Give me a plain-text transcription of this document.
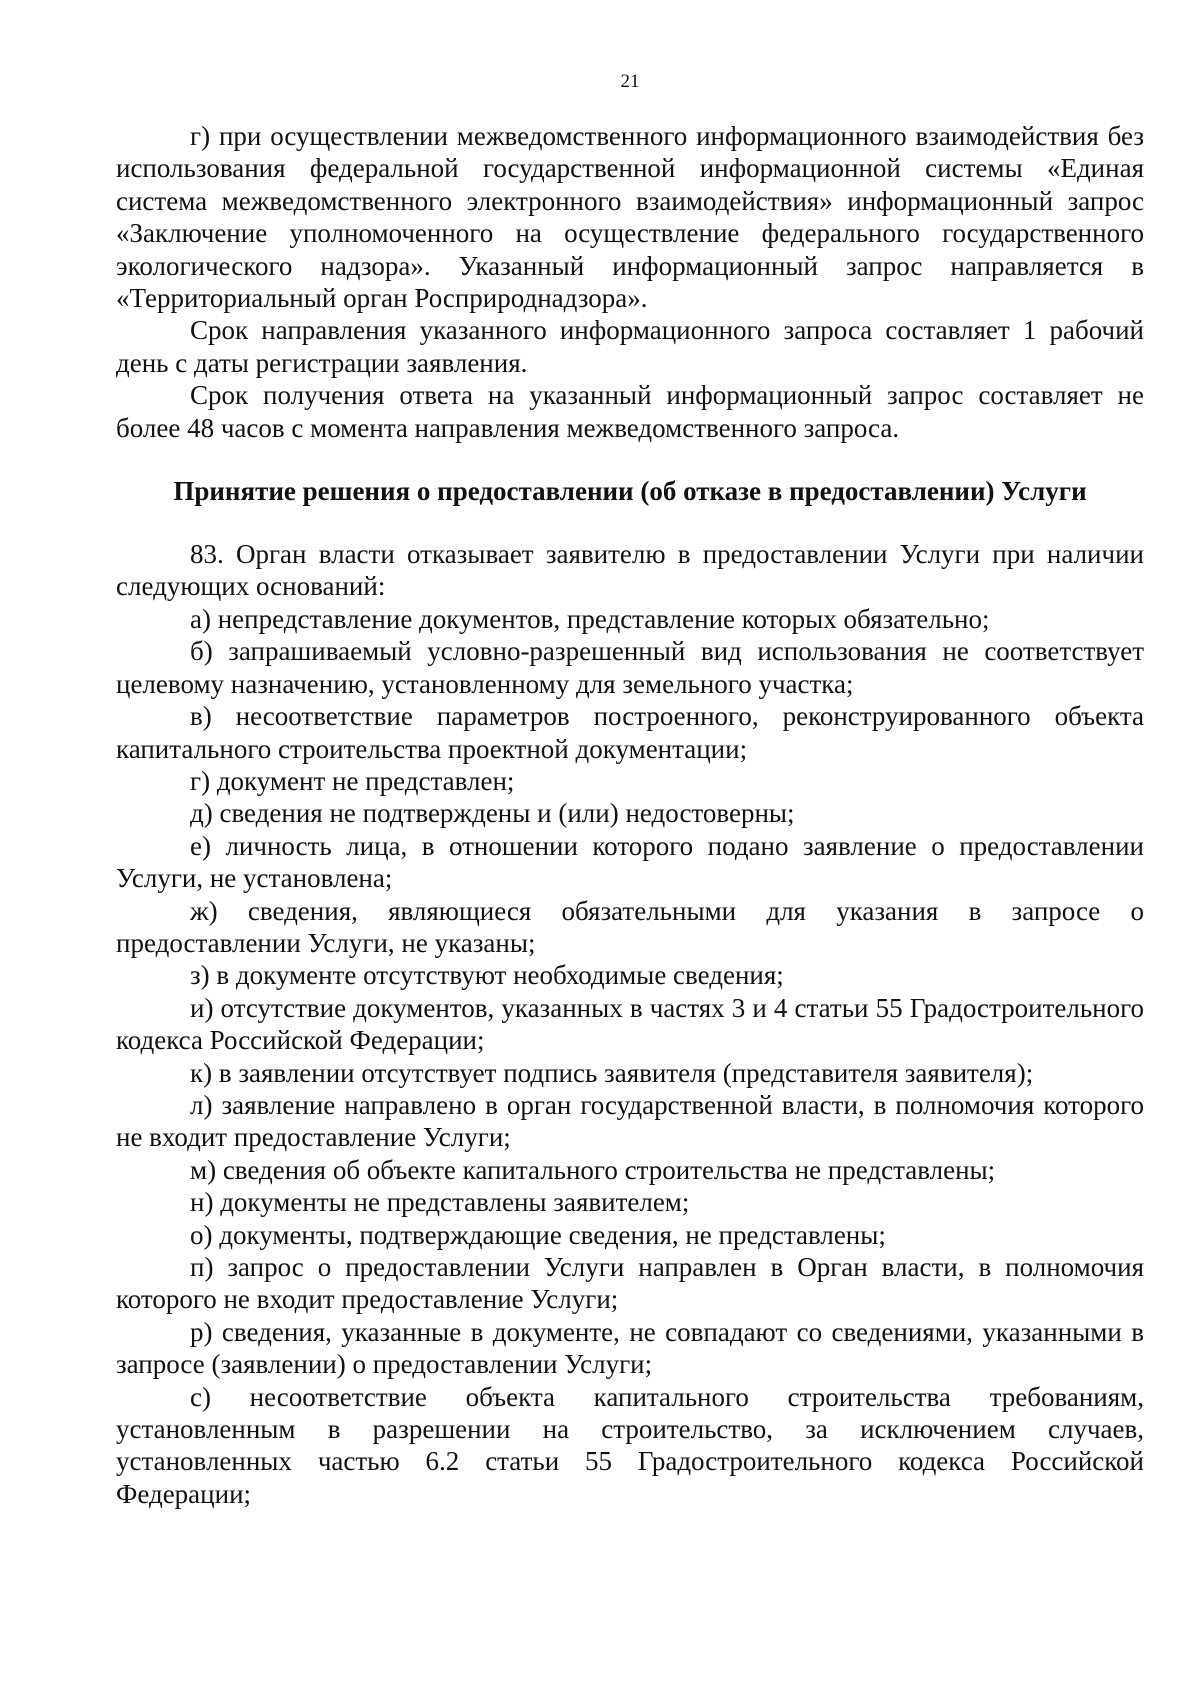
21

г) при осуществлении межведомственного информационного взаимодействия без использования федеральной государственной информационной системы «Единая система межведомственного электронного взаимодействия» информационный запрос «Заключение уполномоченного на осуществление федерального государственного экологического надзора». Указанный информационный запрос направляется в «Территориальный орган Росприроднадзора».

Срок направления указанного информационного запроса составляет 1 рабочий день с даты регистрации заявления.

Срок получения ответа на указанный информационный запрос составляет не более 48 часов с момента направления межведомственного запроса.

Принятие решения о предоставлении (об отказе в предоставлении) Услуги

83. Орган власти отказывает заявителю в предоставлении Услуги при наличии следующих оснований:

а) непредставление документов, представление которых обязательно;

б) запрашиваемый условно-разрешенный вид использования не соответствует целевому назначению, установленному для земельного участка;

в) несоответствие параметров построенного, реконструированного объекта капитального строительства проектной документации;

г) документ не представлен;

д) сведения не подтверждены и (или) недостоверны;

е) личность лица, в отношении которого подано заявление о предоставлении Услуги, не установлена;

ж) сведения, являющиеся обязательными для указания в запросе о предоставлении Услуги, не указаны;

з) в документе отсутствуют необходимые сведения;

и) отсутствие документов, указанных в частях 3 и 4 статьи 55 Градостроительного кодекса Российской Федерации;

к) в заявлении отсутствует подпись заявителя (представителя заявителя);

л) заявление направлено в орган государственной власти, в полномочия которого не входит предоставление Услуги;

м) сведения об объекте капитального строительства не представлены;

н) документы не представлены заявителем;

о) документы, подтверждающие сведения, не представлены;

п) запрос о предоставлении Услуги направлен в Орган власти, в полномочия которого не входит предоставление Услуги;

р) сведения, указанные в документе, не совпадают со сведениями, указанными в запросе (заявлении) о предоставлении Услуги;

с) несоответствие объекта капитального строительства требованиям, установленным в разрешении на строительство, за исключением случаев, установленных частью 6.2 статьи 55 Градостроительного кодекса Российской Федерации;
